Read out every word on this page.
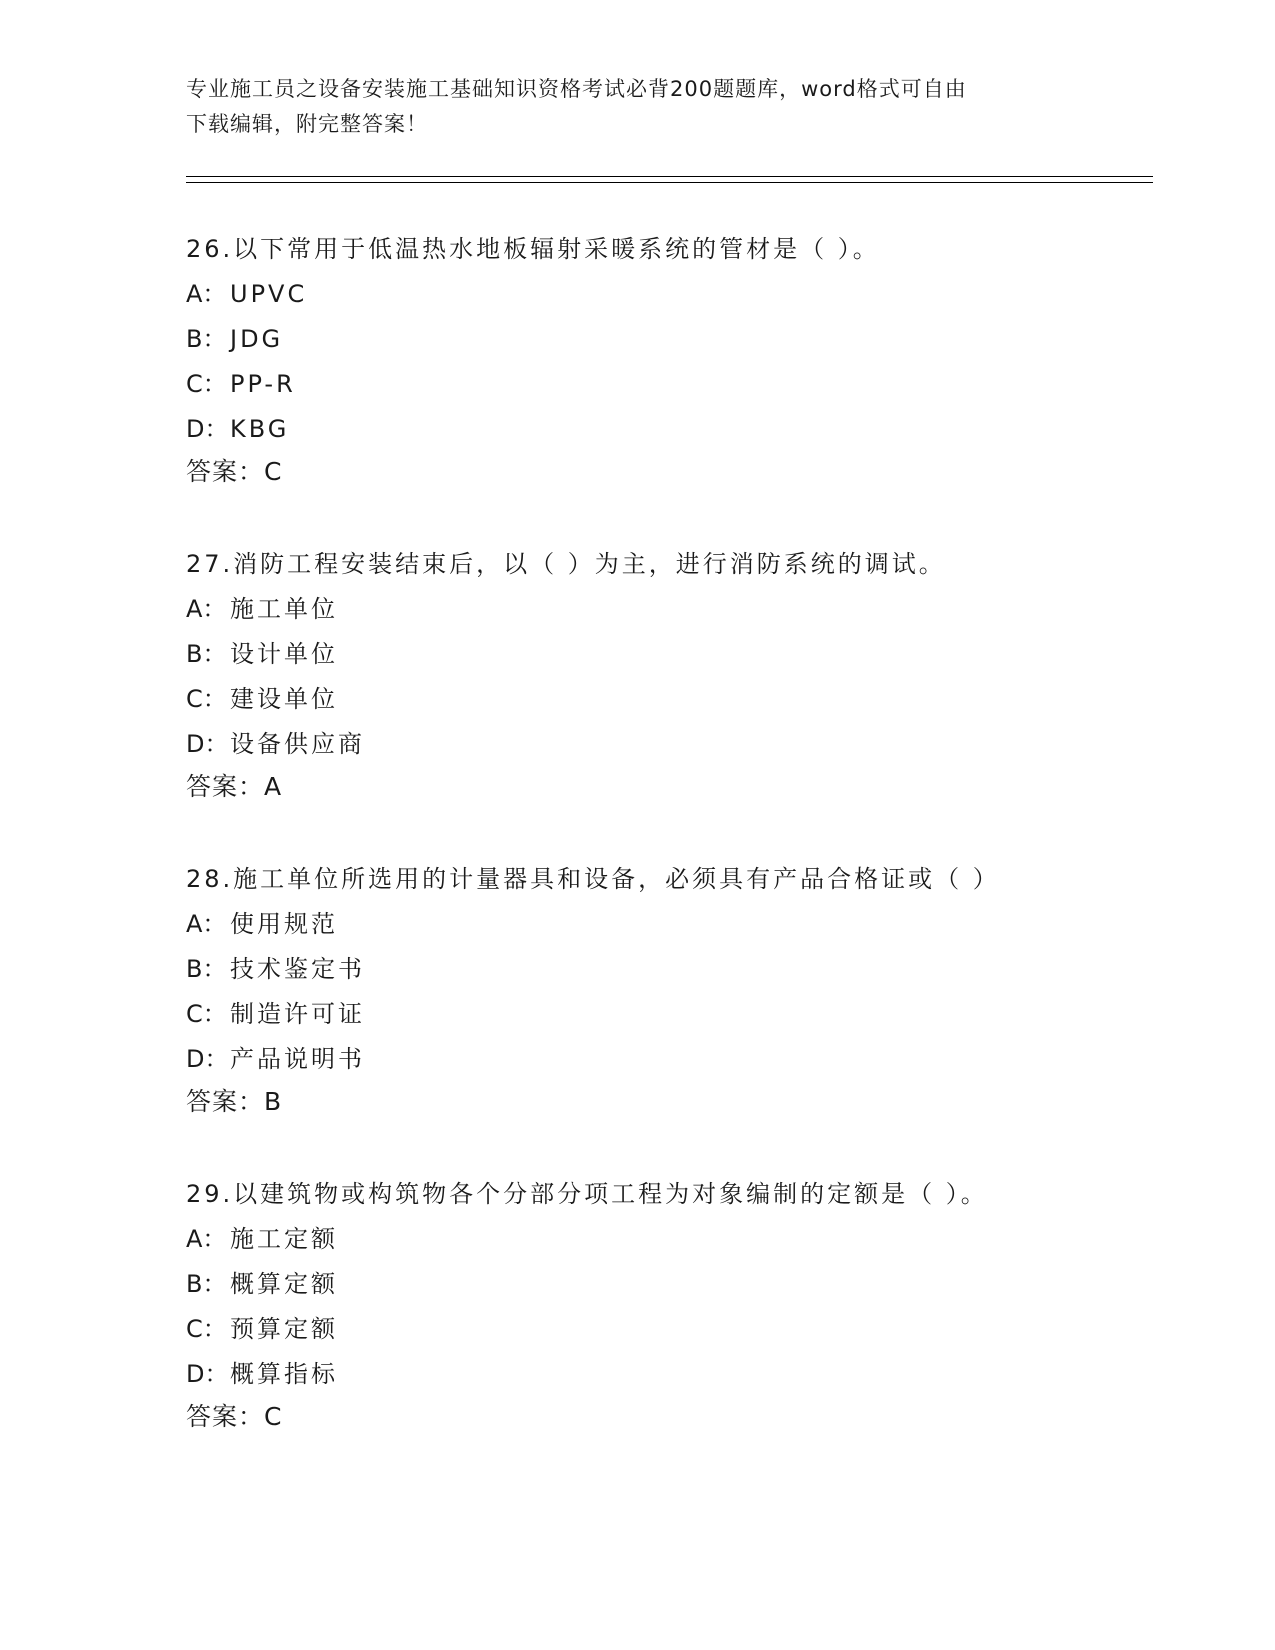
专业施工员之设备安装施工基础知识资格考试必背200题题库，word格式可自由
下载编辑，附完整答案！
26.以下常用于低温热水地板辐射采暖系统的管材是（ ）。
A： UPVC
B： JDG
C： PP-R
D：KBG
答案：C
27.消防工程安装结束后，以（ ）为主，进行消防系统的调试。
A： 施工单位
B： 设计单位
C： 建设单位
D：设备供应商
答案：A
28.施工单位所选用的计量器具和设备，必须具有产品合格证或（ ）
A： 使用规范
B： 技术鉴定书
C： 制造许可证
D：产品说明书
答案：B
29.以建筑物或构筑物各个分部分项工程为对象编制的定额是（ ）。
A： 施工定额
B： 概算定额
C： 预算定额
D：概算指标
答案：C
